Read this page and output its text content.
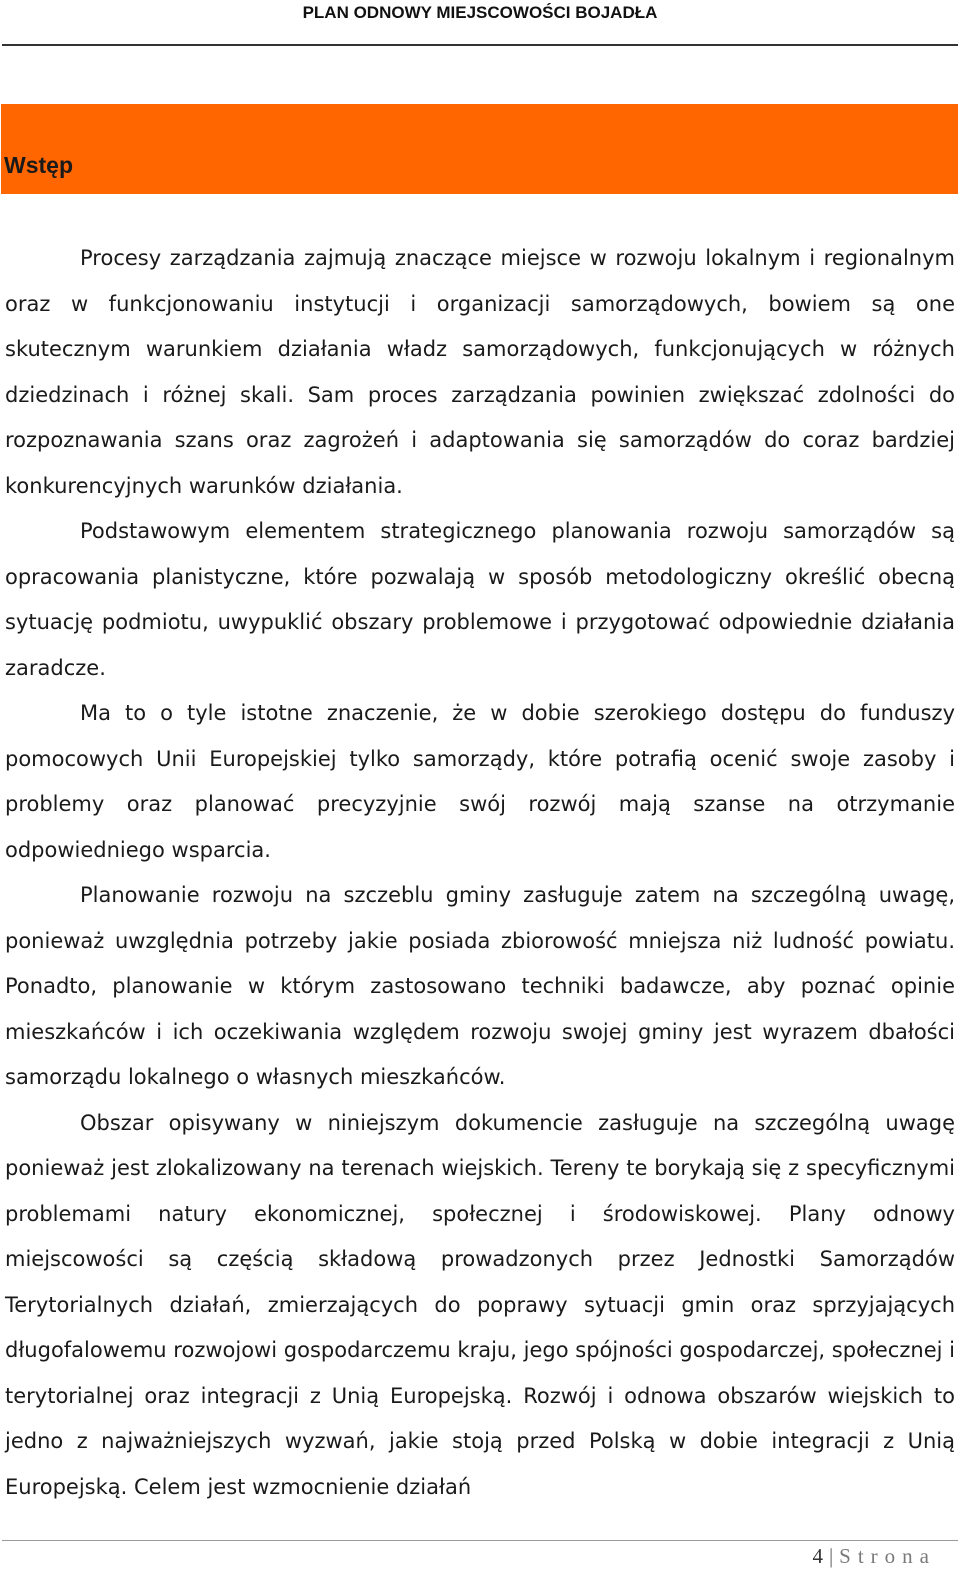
PLAN ODNOWY MIEJSCOWOŚCI BOJADŁA
Wstęp

Procesy zarządzania zajmują znaczące miejsce w rozwoju lokalnym i regionalnym oraz w funkcjonowaniu instytucji i organizacji samorządowych, bowiem są one skutecznym warunkiem działania władz samorządowych, funkcjonujących w różnych dziedzinach i różnej skali. Sam proces zarządzania powinien zwiększać zdolności do rozpoznawania szans oraz zagrożeń i adaptowania się samorządów do coraz bardziej konkurencyjnych warunków działania.

Podstawowym elementem strategicznego planowania rozwoju samorządów są opracowania planistyczne, które pozwalają w sposób metodologiczny określić obecną sytuację podmiotu, uwypuklić obszary problemowe i przygotować odpowiednie działania zaradcze.

Ma to o tyle istotne znaczenie, że w dobie szerokiego dostępu do funduszy pomocowych Unii Europejskiej tylko samorządy, które potrafią ocenić swoje zasoby i problemy oraz planować precyzyjnie swój rozwój mają szanse na otrzymanie odpowiedniego wsparcia.

Planowanie rozwoju na szczeblu gminy zasługuje zatem na szczególną uwagę, ponieważ uwzględnia potrzeby jakie posiada zbiorowość mniejsza niż ludność powiatu. Ponadto, planowanie w którym zastosowano techniki badawcze, aby poznać opinie mieszkańców i ich oczekiwania względem rozwoju swojej gminy jest wyrazem dbałości samorządu lokalnego o własnych mieszkańców.

Obszar opisywany w niniejszym dokumencie zasługuje na szczególną uwagę ponieważ jest zlokalizowany na terenach wiejskich. Tereny te borykają się z specyficznymi problemami natury ekonomicznej, społecznej i środowiskowej. Plany odnowy miejscowości są częścią składową prowadzonych przez Jednostki Samorządów Terytorialnych działań, zmierzających do poprawy sytuacji gmin oraz sprzyjających długofalowemu rozwojowi gospodarczemu kraju, jego spójności gospodarczej, społecznej i terytorialnej oraz integracji z Unią Europejską. Rozwój i odnowa obszarów wiejskich to jedno z najważniejszych wyzwań, jakie stoją przed Polską w dobie integracji z Unią Europejską. Celem jest wzmocnienie działań

4 | Strona
